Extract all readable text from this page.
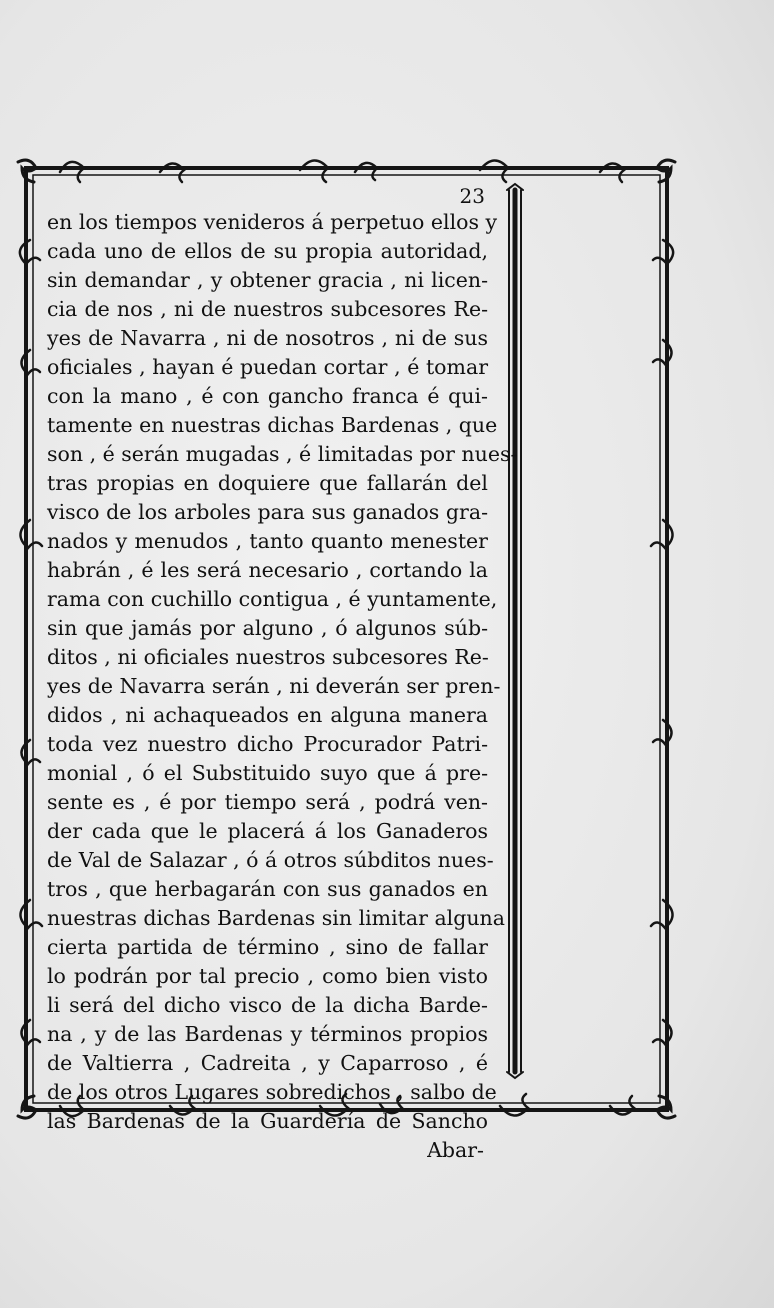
23
en los tiempos venideros á perpetuo ellos y
cada uno de ellos de su propia autoridad,
sin demandar , y obtener gracia , ni licen-
cia de nos , ni de nuestros subcesores Re-
yes de Navarra , ni de nosotros , ni de sus
oficiales , hayan é puedan cortar , é tomar
con la mano , é con gancho franca é qui-
tamente en nuestras dichas Bardenas , que
son , é serán mugadas , é limitadas por nues-
tras propias en doquiere que fallarán del
visco de los arboles para sus ganados gra-
nados y menudos , tanto quanto menester
habrán , é les será necesario , cortando la
rama con cuchillo contigua , é yuntamente,
sin que jamás por alguno , ó algunos súb-
ditos , ni oficiales nuestros subcesores Re-
yes de Navarra serán , ni deverán ser pren-
didos , ni achaqueados en alguna manera
toda vez nuestro dicho Procurador Patri-
monial , ó el Substituido suyo que á pre-
sente es , é por tiempo será , podrá ven-
der cada que le placerá á los Ganaderos
de Val de Salazar , ó á otros súbditos nues-
tros , que herbagarán con sus ganados en
nuestras dichas Bardenas sin limitar alguna
cierta partida de término , sino de fallar
lo podrán por tal precio , como bien visto
li será del dicho visco de la dicha Barde-
na , y de las Bardenas y términos propios
de Valtierra , Cadreita , y Caparroso , é
de los otros Lugares sobredichos , salbo de
las Bardenas de la Guardería de Sancho
Abar-
